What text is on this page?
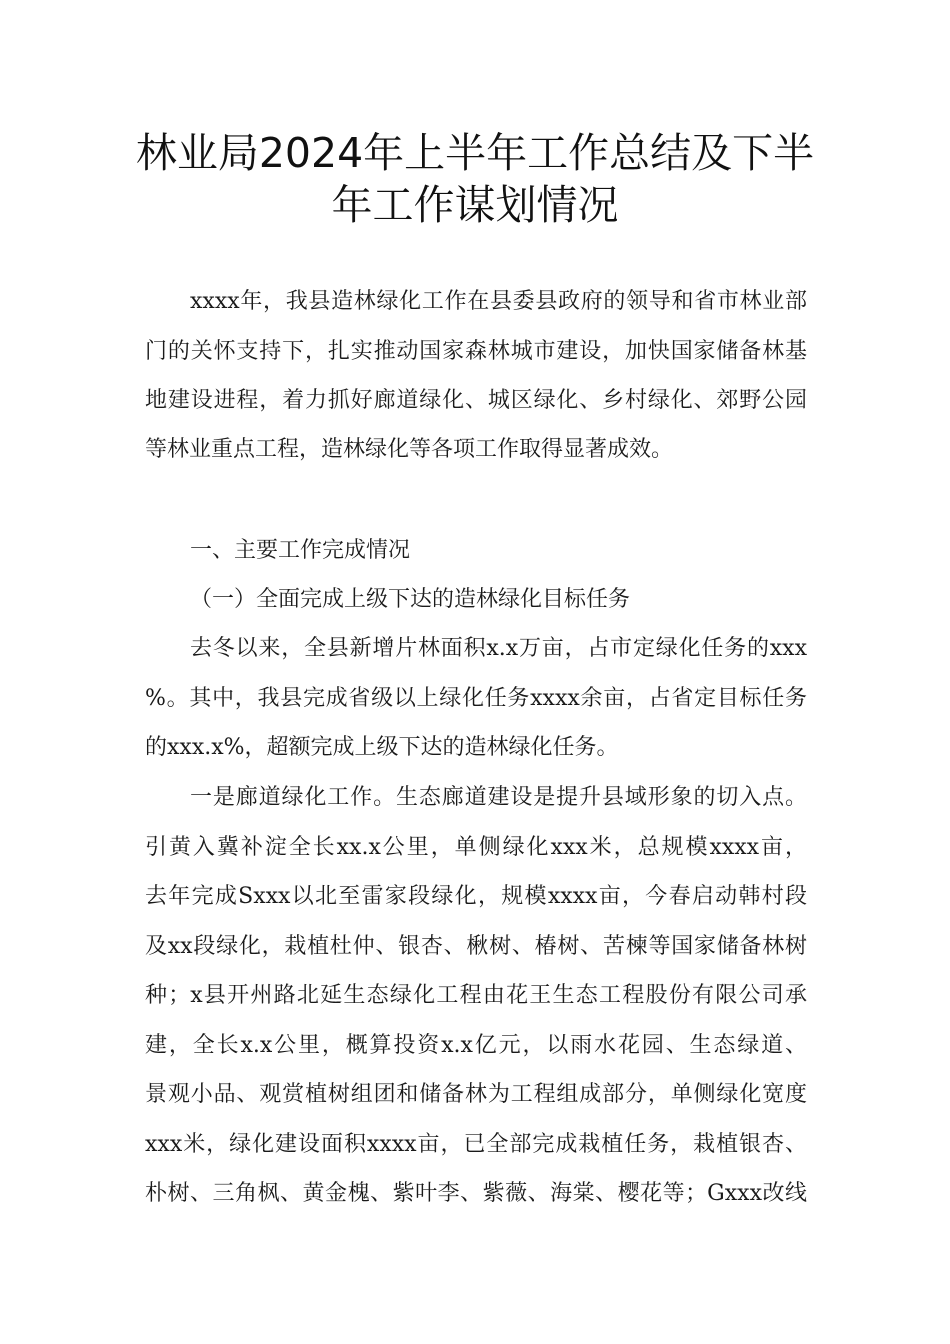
林业局2024年上半年工作总结及下半
年工作谋划情况
xxxx年，我县造林绿化工作在县委县政府的领导和省市林业部
门的关怀支持下，扎实推动国家森林城市建设，加快国家储备林基
地建设进程，着力抓好廊道绿化、城区绿化、乡村绿化、郊野公园
等林业重点工程，造林绿化等各项工作取得显著成效。
一、主要工作完成情况
（一）全面完成上级下达的造林绿化目标任务
去冬以来，全县新增片林面积x.x万亩，占市定绿化任务的xxx
%。其中，我县完成省级以上绿化任务xxxx余亩，占省定目标任务
的xxx.x%，超额完成上级下达的造林绿化任务。
一是廊道绿化工作。生态廊道建设是提升县域形象的切入点。
引黄入冀补淀全长xx.x公里，单侧绿化xxx米，总规模xxxx亩，
去年完成Sxxx以北至雷家段绿化，规模xxxx亩，今春启动韩村段
及xx段绿化，栽植杜仲、银杏、楸树、椿树、苦楝等国家储备林树
种；x县开州路北延生态绿化工程由花王生态工程股份有限公司承
建，全长x.x公里，概算投资x.x亿元，以雨水花园、生态绿道、
景观小品、观赏植树组团和储备林为工程组成部分，单侧绿化宽度
xxx米，绿化建设面积xxxx亩，已全部完成栽植任务，栽植银杏、
朴树、三角枫、黄金槐、紫叶李、紫薇、海棠、樱花等；Gxxx改线
